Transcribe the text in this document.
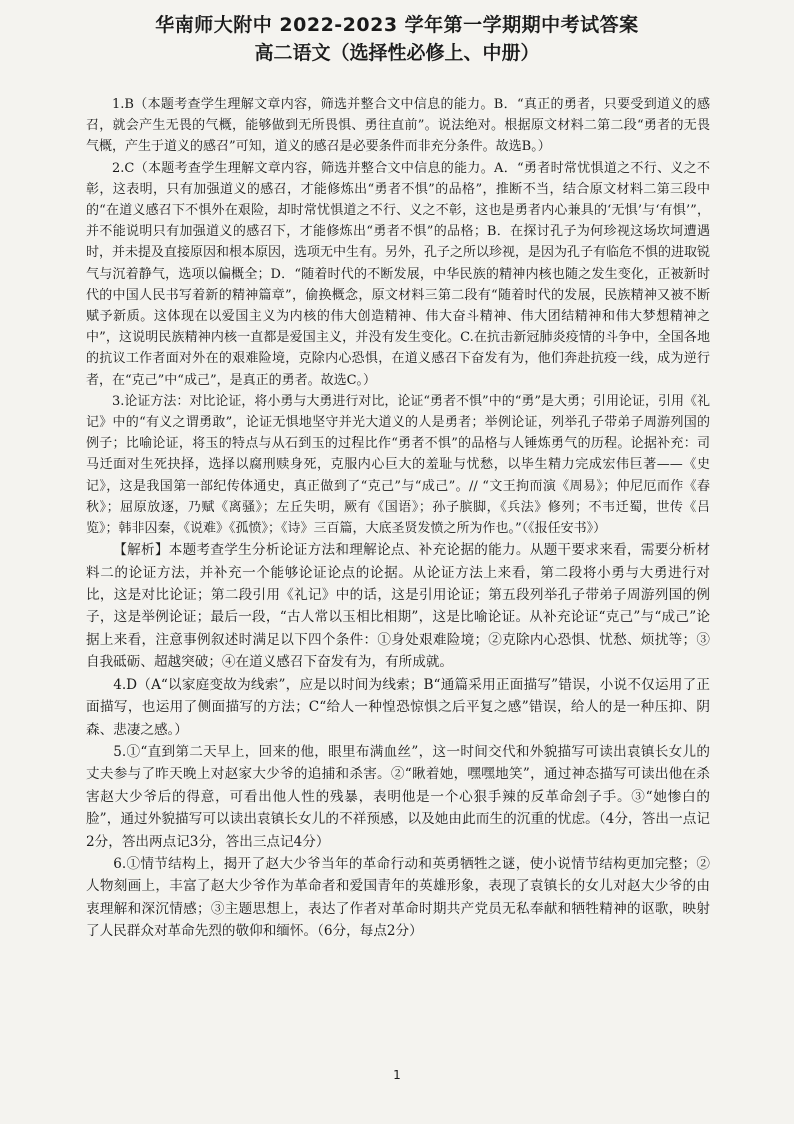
华南师大附中 2022-2023 学年第一学期期中考试答案
高二语文（选择性必修上、中册）

1.B（本题考查学生理解文章内容，筛选并整合文中信息的能力。B．“真正的勇者，只要受到道义的感召，就会产生无畏的气概，能够做到无所畏惧、勇往直前”。说法绝对。根据原文材料二第二段“勇者的无畏气概，产生于道义的感召”可知，道义的感召是必要条件而非充分条件。故选B。）

2.C（本题考查学生理解文章内容，筛选并整合文中信息的能力。A．“勇者时常忧惧道之不行、义之不彰，这表明，只有加强道义的感召，才能修炼出“勇者不惧”的品格”，推断不当，结合原文材料二第三段中的“在道义感召下不惧外在艰险，却时常忧惧道之不行、义之不彰，这也是勇者内心兼具的‘无惧’与‘有惧’”，并不能说明只有加强道义的感召下，才能修炼出“勇者不惧”的品格；B．在探讨孔子为何珍视这场坎坷遭遇时，并未提及直接原因和根本原因，选项无中生有。另外，孔子之所以珍视，是因为孔子有临危不惧的进取锐气与沉着静气，选项以偏概全；D．“随着时代的不断发展，中华民族的精神内核也随之发生变化，正被新时代的中国人民书写着新的精神篇章”，偷换概念，原文材料三第二段有“随着时代的发展，民族精神又被不断赋予新质。这体现在以爱国主义为内核的伟大创造精神、伟大奋斗精神、伟大团结精神和伟大梦想精神之中”，这说明民族精神内核一直都是爱国主义，并没有发生变化。C.在抗击新冠肺炎疫情的斗争中，全国各地的抗议工作者面对外在的艰难险境，克除内心恐惧，在道义感召下奋发有为，他们奔赴抗疫一线，成为逆行者，在“克己”中“成己”，是真正的勇者。故选C。）

3.论证方法：对比论证，将小勇与大勇进行对比，论证“勇者不惧”中的“勇”是大勇；引用论证，引用《礼记》中的“有义之谓勇敢”，论证无惧地坚守并光大道义的人是勇者；举例论证，列举孔子带弟子周游列国的例子；比喻论证，将玉的特点与从石到玉的过程比作“勇者不惧”的品格与人锤炼勇气的历程。论据补充：司马迁面对生死抉择，选择以腐刑赎身死，克服内心巨大的羞耻与忧愁，以毕生精力完成宏伟巨著——《史记》，这是我国第一部纪传体通史，真正做到了“克己”与“成己”。// “文王拘而演《周易》；仲尼厄而作《春秋》；屈原放逐，乃赋《离骚》；左丘失明，厥有《国语》；孙子膑脚，《兵法》修列；不韦迁蜀，世传《吕览》；韩非囚秦，《说难》《孤愤》；《诗》三百篇，大底圣贤发愤之所为作也。”（《报任安书》）

【解析】本题考查学生分析论证方法和理解论点、补充论据的能力。从题干要求来看，需要分析材料二的论证方法，并补充一个能够论证论点的论据。从论证方法上来看，第二段将小勇与大勇进行对比，这是对比论证；第二段引用《礼记》中的话，这是引用论证；第五段列举孔子带弟子周游列国的例子，这是举例论证；最后一段，“古人常以玉相比相期”，这是比喻论证。从补充论证“克己”与“成己”论据上来看，注意事例叙述时满足以下四个条件：①身处艰难险境；②克除内心恐惧、忧愁、烦扰等；③自我砥砺、超越突破；④在道义感召下奋发有为，有所成就。

4.D（A“以家庭变故为线索”，应是以时间为线索；B“通篇采用正面描写”错误，小说不仅运用了正面描写，也运用了侧面描写的方法；C“给人一种惶恐惊惧之后平复之感”错误，给人的是一种压抑、阴森、悲凄之感。）

5.①“直到第二天早上，回来的他，眼里布满血丝”，这一时间交代和外貌描写可读出袁镇长女儿的丈夫参与了昨天晚上对赵家大少爷的追捕和杀害。②“瞅着她，嘿嘿地笑”，通过神态描写可读出他在杀害赵大少爷后的得意，可看出他人性的残暴，表明他是一个心狠手辣的反革命刽子手。③“她惨白的脸”，通过外貌描写可以读出袁镇长女儿的不祥预感，以及她由此而生的沉重的忧虑。（4分，答出一点记2分，答出两点记3分，答出三点记4分）

6.①情节结构上，揭开了赵大少爷当年的革命行动和英勇牺牲之谜，使小说情节结构更加完整；②人物刻画上，丰富了赵大少爷作为革命者和爱国青年的英雄形象，表现了袁镇长的女儿对赵大少爷的由衷理解和深沉情感；③主题思想上，表达了作者对革命时期共产党员无私奉献和牺牲精神的讴歌，映射了人民群众对革命先烈的敬仰和缅怀。（6分，每点2分）

1
